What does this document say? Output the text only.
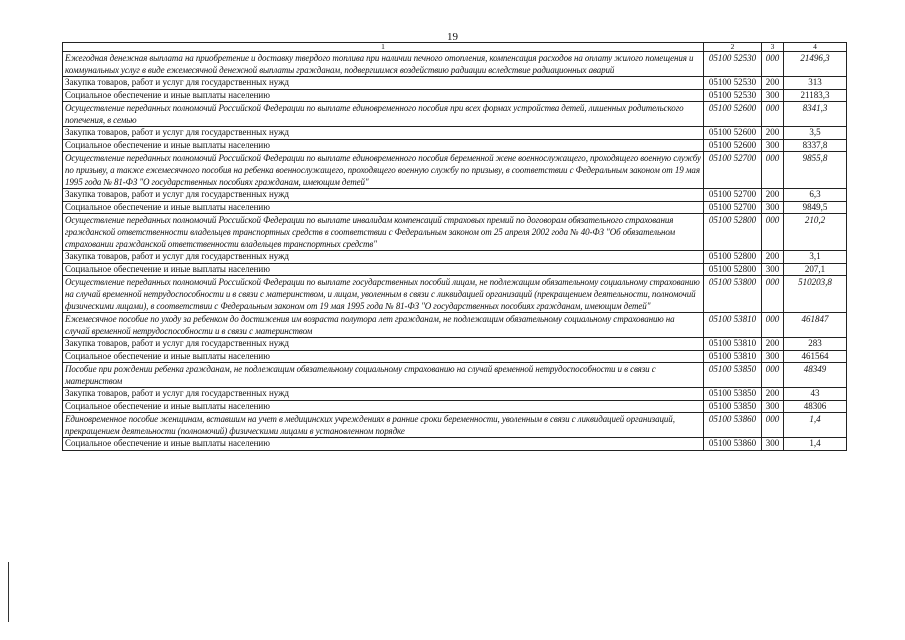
19
1	2	3	4
Ежегодная денежная выплата на приобретение и доставку твердого топлива при наличии печного отопления, компенсация расходов на оплату жилого помещения и коммунальных услуг в виде ежемесячной денежной выплаты гражданам, подвергшимся воздействию радиации вследствие радиационных аварий	05100 52530	000	21496,3
Закупка товаров, работ и услуг для государственных нужд	05100 52530	200	313
Социальное обеспечение и иные выплаты населению	05100 52530	300	21183,3
Осуществление переданных полномочий Российской Федерации по выплате единовременного пособия при всех формах устройства детей, лишенных родительского попечения, в семью	05100 52600	000	8341,3
Закупка товаров, работ и услуг для государственных нужд	05100 52600	200	3,5
Социальное обеспечение и иные выплаты населению	05100 52600	300	8337,8
Осуществление переданных полномочий Российской Федерации по выплате единовременного пособия беременной жене военнослужащего, проходящего военную службу по призыву, а также ежемесячного пособия на ребенка военнослужащего, проходящего военную службу по призыву, в соответствии с Федеральным законом от 19 мая 1995 года № 81-ФЗ "О государственных пособиях гражданам, имеющим детей"	05100 52700	000	9855,8
Закупка товаров, работ и услуг для государственных нужд	05100 52700	200	6,3
Социальное обеспечение и иные выплаты населению	05100 52700	300	9849,5
Осуществление переданных полномочий Российской Федерации по выплате инвалидам компенсаций страховых премий по договорам обязательного страхования гражданской ответственности владельцев транспортных средств в соответствии с Федеральным законом от 25 апреля 2002 года № 40-ФЗ "Об обязательном страховании гражданской ответственности владельцев транспортных средств"	05100 52800	000	210,2
Закупка товаров, работ и услуг для государственных нужд	05100 52800	200	3,1
Социальное обеспечение и иные выплаты населению	05100 52800	300	207,1
Осуществление переданных полномочий Российской Федерации по выплате государственных пособий лицам, не подлежащим обязательному социальному страхованию на случай временной нетрудоспособности и в связи с материнством, и лицам, уволенным в связи с ликвидацией организаций (прекращением деятельности, полномочий физическими лицами), в соответствии с Федеральным законом от 19 мая 1995 года № 81-ФЗ "О государственных пособиях гражданам, имеющим детей"	05100 53800	000	510203,8
Ежемесячное пособие по уходу за ребенком до достижения им возраста полутора лет гражданам, не подлежащим обязательному социальному страхованию на случай временной нетрудоспособности и в связи с материнством	05100 53810	000	461847
Закупка товаров, работ и услуг для государственных нужд	05100 53810	200	283
Социальное обеспечение и иные выплаты населению	05100 53810	300	461564
Пособие при рождении ребенка гражданам, не подлежащим обязательному социальному страхованию на случай временной нетрудоспособности и в связи с материнством	05100 53850	000	48349
Закупка товаров, работ и услуг для государственных нужд	05100 53850	200	43
Социальное обеспечение и иные выплаты населению	05100 53850	300	48306
Единовременное пособие женщинам, вставшим на учет в медицинских учреждениях в ранние сроки беременности, уволенным в связи с ликвидацией организаций, прекращением деятельности (полномочий) физическими лицами в установленном порядке	05100 53860	000	1,4
Социальное обеспечение и иные выплаты населению	05100 53860	300	1,4
